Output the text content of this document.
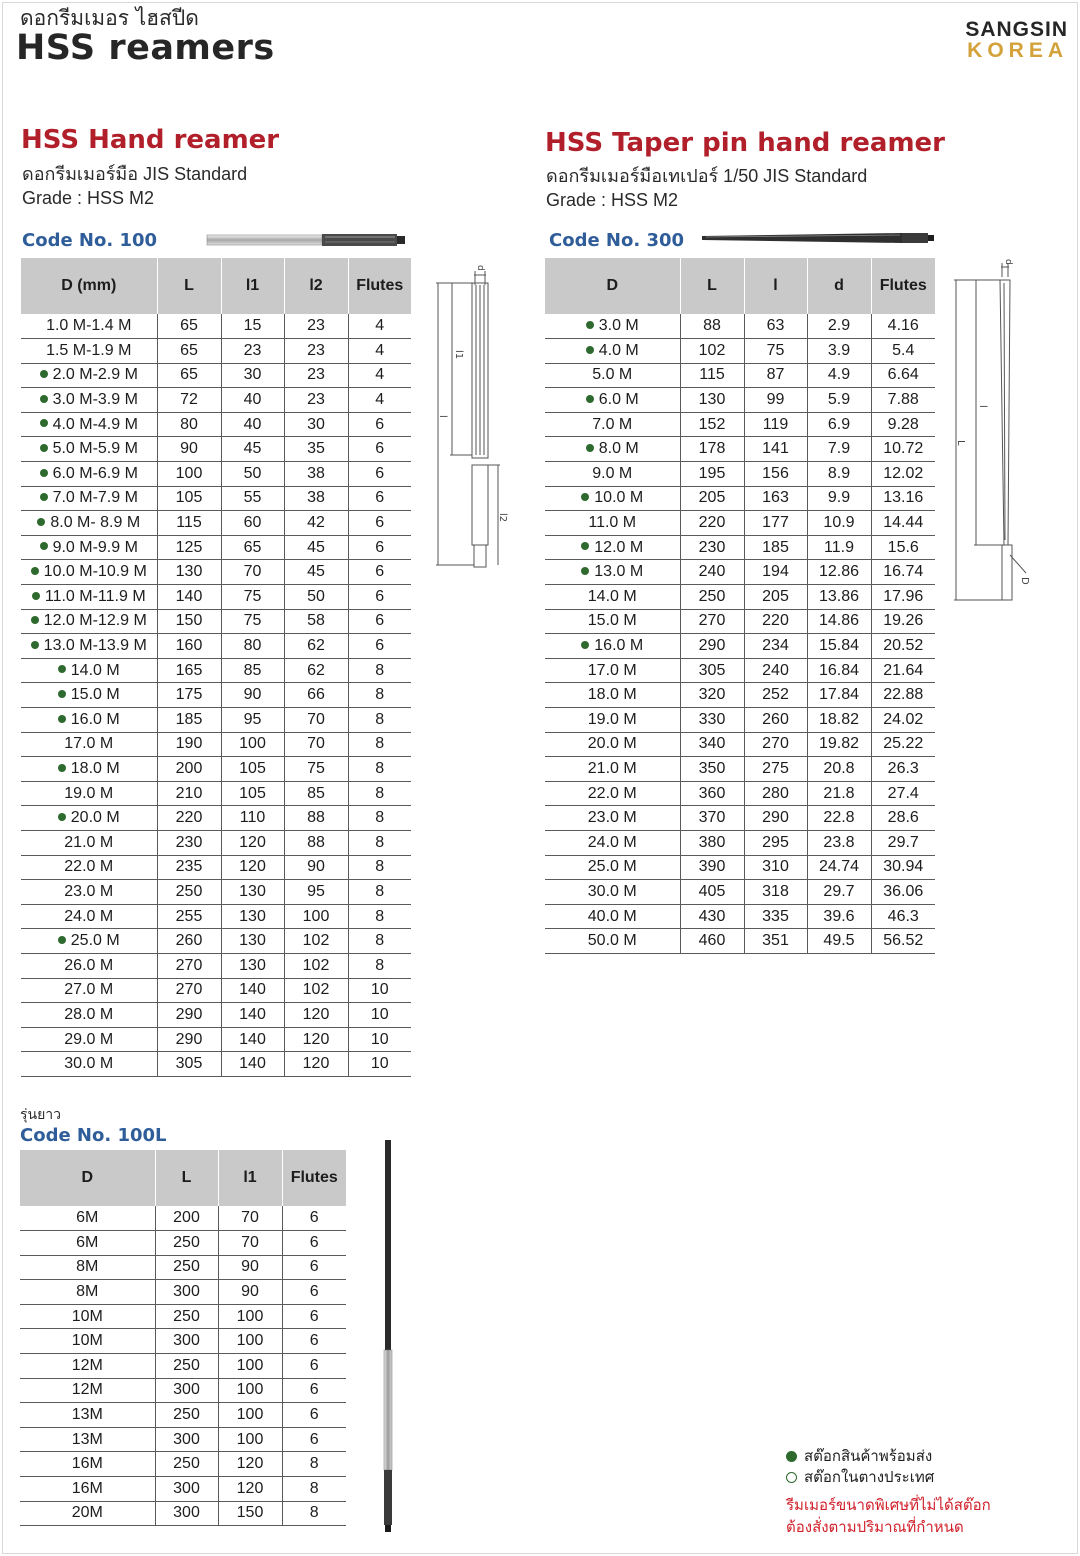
ดอกรีมเมอร ไฮสปีด
HSS reamers	SANGSIN
KOREA
HSS Hand reamer
ดอกรีมเมอร์มือ JIS Standard
Grade : HSS M2
Code No. 100
D (mm)	L	l1	l2	Flutes
1.0 M-1.4 M	65	15	23	4
1.5 M-1.9 M	65	23	23	4
2.0 M-2.9 M	65	30	23	4
3.0 M-3.9 M	72	40	23	4
4.0 M-4.9 M	80	40	30	6
5.0 M-5.9 M	90	45	35	6
6.0 M-6.9 M	100	50	38	6
7.0 M-7.9 M	105	55	38	6
8.0 M- 8.9 M	115	60	42	6
9.0 M-9.9 M	125	65	45	6
10.0 M-10.9 M	130	70	45	6
11.0 M-11.9 M	140	75	50	6
12.0 M-12.9 M	150	75	58	6
13.0 M-13.9 M	160	80	62	6
14.0 M	165	85	62	8
15.0 M	175	90	66	8
16.0 M	185	95	70	8
17.0 M	190	100	70	8
18.0 M	200	105	75	8
19.0 M	210	105	85	8
20.0 M	220	110	88	8
21.0 M	230	120	88	8
22.0 M	235	120	90	8
23.0 M	250	130	95	8
24.0 M	255	130	100	8
25.0 M	260	130	102	8
26.0 M	270	130	102	8
27.0 M	270	140	102	10
28.0 M	290	140	120	10
29.0 M	290	140	120	10
30.0 M	305	140	120	10
d
l1
l
l2
HSS Taper pin hand reamer
ดอกรีมเมอร์มือเทเปอร์ 1/50 JIS Standard
Grade : HSS M2
Code No. 300
D	L	l	d	Flutes
3.0 M	88	63	2.9	4.16
4.0 M	102	75	3.9	5.4
5.0 M	115	87	4.9	6.64
6.0 M	130	99	5.9	7.88
7.0 M	152	119	6.9	9.28
8.0 M	178	141	7.9	10.72
9.0 M	195	156	8.9	12.02
10.0 M	205	163	9.9	13.16
11.0 M	220	177	10.9	14.44
12.0 M	230	185	11.9	15.6
13.0 M	240	194	12.86	16.74
14.0 M	250	205	13.86	17.96
15.0 M	270	220	14.86	19.26
16.0 M	290	234	15.84	20.52
17.0 M	305	240	16.84	21.64
18.0 M	320	252	17.84	22.88
19.0 M	330	260	18.82	24.02
20.0 M	340	270	19.82	25.22
21.0 M	350	275	20.8	26.3
22.0 M	360	280	21.8	27.4
23.0 M	370	290	22.8	28.6
24.0 M	380	295	23.8	29.7
25.0 M	390	310	24.74	30.94
30.0 M	405	318	29.7	36.06
40.0 M	430	335	39.6	46.3
50.0 M	460	351	49.5	56.52
d
l
L
D
รุ่นยาว
Code No. 100L
D	L	l1	Flutes
6M	200	70	6
6M	250	70	6
8M	250	90	6
8M	300	90	6
10M	250	100	6
10M	300	100	6
12M	250	100	6
12M	300	100	6
13M	250	100	6
13M	300	100	6
16M	250	120	8
16M	300	120	8
20M	300	150	8
สต๊อกสินค้าพร้อมส่ง
สต๊อกในตางประเทศ
รีมเมอร์ขนาดพิเศษที่ไม่ได้สต๊อก
ต้องสั่งตามปริมาณที่กำหนด
